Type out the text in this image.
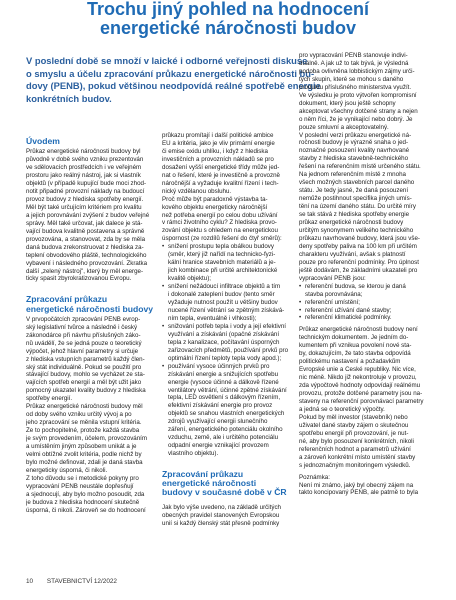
Trochu jiný pohled na hodnocení
energetické náročnosti budov
V poslední době se množí v laické i odborné veřejnosti diskuse
o smyslu a účelu zpracování průkazu energetické náročnosti bu-
dovy (PENB), pokud většinou neodpovídá reálné spotřebě energie
konkrétních budov.
Úvodem
Průkaz energetické náročnosti budovy byl
původně v době svého vzniku prezentován
ve sdělovacích prostředcích i ve veřejném
prostoru jako reálný nástroj, jak si vlastník
objektů (v případě kupující bude moci zhod-
notit připadné provozní náklady na budoucí
provoz budovy z hlediska spotřeby energií.
Měl být také určujícím kritériem pro kvalitu
a jejich porovnávání zvýšení z budov veřejné
správy. Měl také určovat, jak dalece je stá-
vající budova kvalitně postavena a správně
provozována, a stanovovat, zda by se měla
daná budova zrekonstruovat z hlediska za-
teplení obvodového pláště, technologického
vybavení i následného provozování. Zkratka
další „zelený nástroj", který by měl energe-
ticky spasit zbyrokratizovanou Evropu.
Zpracování průkazu
energetické náročnosti budovy
V prvopočátcích zpracování PENB evrop-
ský legislativní tvůrce a následně i český
zákonodárce při návrhu příslušných záko-
nů uvádělí, že se jedná pouze o teoretický
výpočet, jehož hlavní parametry si určuje
z hlediska vstupních parametrů každý člen-
ský stát individuálně. Pokud se použití pro
stávající budovy, mohlo se vycházet ze sta-
vajících spotřeb energií a měl být užit jako
pomocný ukazatel kvality budovy z hlediska
spotřeby energií.
Průkaz energetické náročnosti budovy měl
od doby svého vzniku určitý vývoj a po
jeho zpracování se měnila vstupní kritéria.
Že to pochopitelné, protože každá stavba
je svým provedením, účelem, provozováním
a umístěním jiným způsobem unikát a je
velmi obtížné zvolit kritéria, podle nichž by
bylo možné definovat, zdali je daná stavba
energeticky úsporná, či nikoli.
Z toho důvodu se i metodické pokyny pro
vypracování PENB neustále dopřesňují
a sjednocují, aby bylo možno posoudit, zda
je budova z hlediska hodnocení skutečně
úsporná, či nikoli. Zároveň se do hodnocení
průkazu promítají i další politické ambice
EU a kritéria, jako je vliv primární energie
či emise oxidu uhlíku, i když z hlediska
investičních a provozních nákladů se pro
dosažení vyšší energetické třídy může jed-
nat o řešení, které je investičně a provozně
náročnější a vyžaduje kvalitní řízení i tech-
nický vzdělanou obsluhu.
Proč může být paradoxně výstavba ta-
kového objektu energeticky náročnější
než potřeba energií po celou dobu užívání
v rámci životního cyklu? Z hlediska provo-
zování objektu s ohledem na energetickou
úspornost (ze rozdílů řešení do čtyř směrů):
• snížení prostupu tepla obálkou budovy
(směr, který již nařídí na technicko-fyzi-
kální hranice stavebních materiálů a je-
jich kombinace při určité architektonické
kvalitě objektu);
• snížení nežádoucí infiltrace objektů a tím
i dokonalé zateplení budov (tento směr
vyžaduje nutnost použít u většiny budov
nucené řízení větrání se zpětným získává-
ním tepla, eventuálně i vlhkosti);
• snižování potřeb tepla i vody a její efektivní
využívání a získávání (opačné získávání
tepla z kanalizace, počítavání úsporných
zařizovacích předmětů, používání prvků pro
optimální řízení teploty tepla vody apod.);
• používání vysoce účinných prvků pro
získávání energie a snižujících spotřebu
energie (vysoce účinné a dálkově řízené
ventilátory větrání, účinné zpětné získávání
tepla, LED osvětlení s dálkovým řízením,
efektivní získávání energie pro provoz
objektů se snahou vlastních energetických
zdrojů využívající energii slunečního
záření, energetického potenciálu okolního
vzduchu, země, ale i určitého potenciálu
odpadní energie vznikající provozem
vlastního objektu).
Zpracování průkazu
energetické náročnosti
budovy v současné době v ČR
Jak bylo výše uvedeno, na základě určitých
obecných pravidel stanovených Evropskou
unií si každý členský stát přesně podmínky
pro vypracování PENB stanovuje indivi-
duálně. A jak už to tak bývá, je výsledná
podoba ovlivněna lobbistickým zájmy urči-
tých skupin, které se mohou s daného
produktu příslušného ministerstva využít.
Ve výsledku je proto výtvořen kompromisní
dokument, který jsou ještě schopny
akceptovat všechny dotčené strany a nejen
o něm říci, že je vynikající nebo dobrý. Je
pouze smluvní a akceptovatelný.
V poslední verzi průkazu energetické ná-
ročnosti budovy je výrazně snaha o jed-
noznačné posouzení kvality navrhované
stavby z hlediska stavebně-technického
řešení na referenčním místě určeného státu.
Na jednom referenčním místě z mnoha
všech možných stavebních parcel daného
státu. Je tedy jasné, že daná posouzení
nemůže postihnout specifika jiných umís-
tění na území daného státu. Do určité míry
se tak stává z hlediska spotřeby energie
průkaz energetické náročnosti budovy
určitým synonymem velikého technického
průkazu navrhované budovy, která jsou vše-
deny spotřeby paliva na 100 km při určitém
charakteru využívání, avšak s platností
pouze pro referenční podmínky. Pro úplnost
ještě dodávám, že základními ukazateli pro
vypracování PENB jsou:
• referenční budova, se kterou je daná
stavba porovnávána;
• referenční umístění;
• referenční užívání dané stavby;
• referenční klimatické podmínky.
Průkaz energetické náročnosti budovy není
technickým dokumentem. Je jedním do-
kumentem při vznikua povolení nové sta-
by, dokazujícím, že tato stavba odpovídá
politickému nastavení a požadavkům
Evropské unie a České republiky. Nic více,
nic méně. Nikdo již nekontroluje v provozu,
zda výpočtově hodnoty odpovídají reálnému
provozu, protože dotčené parametry jsou na-
staveny na referenční porovnávací parametry
a jedná se o teoretický výpočty.
Pokud by měl investor (stavebník) nebo
uživatel dané stavby zájem o skutečnou
spotřebu energií při provozování, je nut-
né, aby bylo posouzení konkrétních, nikoli
referenčních hodnot a parametrů užívání
a zároveň konkrétní místo umístění stavby
s jednoznačným monitoringem výsledků.
Poznámka:
Není mi známo, jaký byl obecný zájem na
takto koncipovaný PENB, ale patrně to byla
10 STAVEBNICTVÍ 12/2022
